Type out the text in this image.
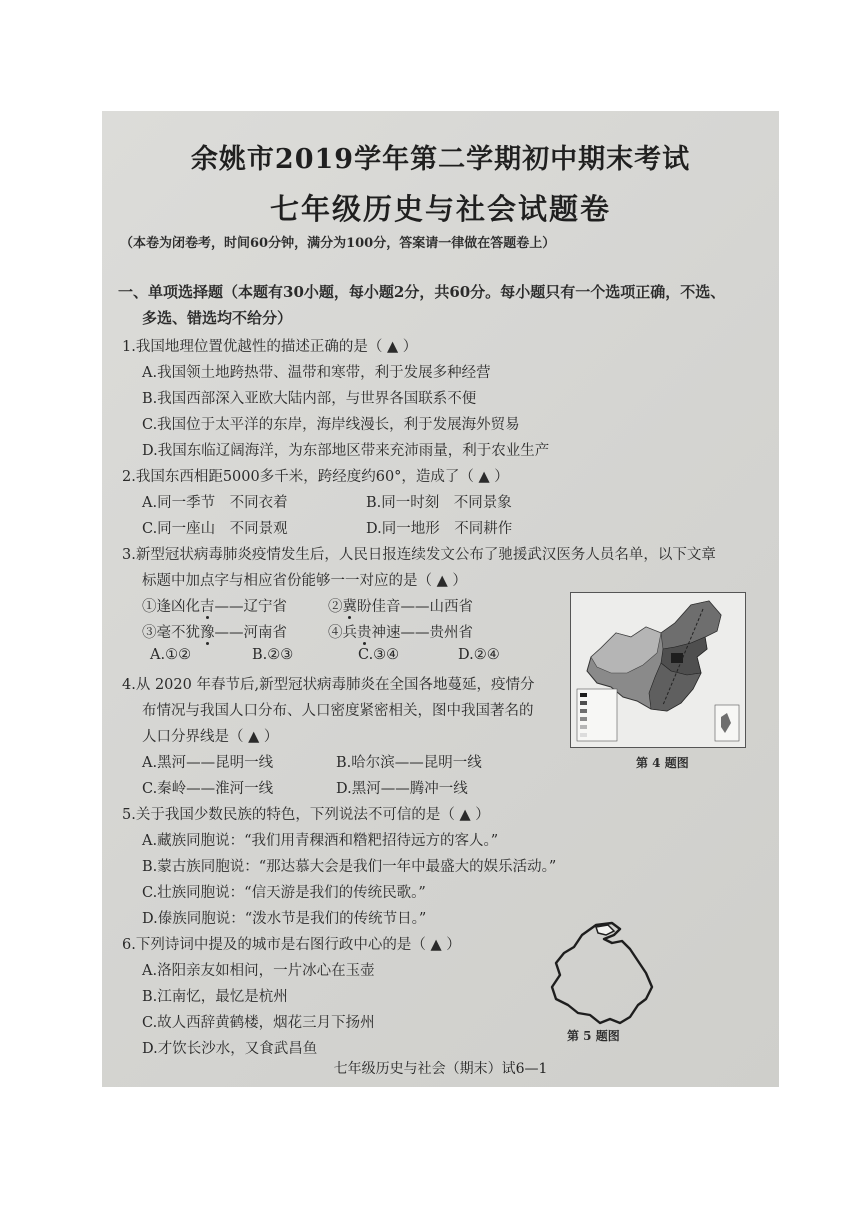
余姚市2019学年第二学期初中期末考试
七年级历史与社会试题卷
（本卷为闭卷考，时间60分钟，满分为100分，答案请一律做在答题卷上）
一、单项选择题（本题有30小题，每小题2分，共60分。每小题只有一个选项正确，不选、
多选、错选均不给分）
1.我国地理位置优越性的描述正确的是（ ▲ ）
A.我国领土地跨热带、温带和寒带，利于发展多种经营
B.我国西部深入亚欧大陆内部，与世界各国联系不便
C.我国位于太平洋的东岸，海岸线漫长，利于发展海外贸易
D.我国东临辽阔海洋，为东部地区带来充沛雨量，利于农业生产
2.我国东西相距5000多千米，跨经度约60°，造成了（ ▲ ）
A.同一季节　不同衣着	B.同一时刻　不同景象
C.同一座山　不同景观	D.同一地形　不同耕作
3.新型冠状病毒肺炎疫情发生后，人民日报连续发文公布了驰援武汉医务人员名单，以下文章
标题中加点字与相应省份能够一一对应的是（ ▲ ）
①逢凶化吉——辽宁省	②冀盼佳音——山西省
③毫不犹豫——河南省	④兵贵神速——贵州省
A.①②	B.②③	C.③④	D.②④
4.从 2020 年春节后,新型冠状病毒肺炎在全国各地蔓延，疫情分
布情况与我国人口分布、人口密度紧密相关，图中我国著名的
人口分界线是（ ▲ ）
A.黑河——昆明一线	B.哈尔滨——昆明一线
C.秦岭——淮河一线	D.黑河——腾冲一线
第 4 题图
5.关于我国少数民族的特色，下列说法不可信的是（ ▲ ）
A.藏族同胞说：“我们用青稞酒和糌粑招待远方的客人。”
B.蒙古族同胞说：“那达慕大会是我们一年中最盛大的娱乐活动。”
C.壮族同胞说：“信天游是我们的传统民歌。”
D.傣族同胞说：“泼水节是我们的传统节日。”
6.下列诗词中提及的城市是右图行政中心的是（ ▲ ）
A.洛阳亲友如相问，一片冰心在玉壶
B.江南忆，最忆是杭州
C.故人西辞黄鹤楼，烟花三月下扬州
D.才饮长沙水，又食武昌鱼
第 5 题图
七年级历史与社会（期末）试6—1
